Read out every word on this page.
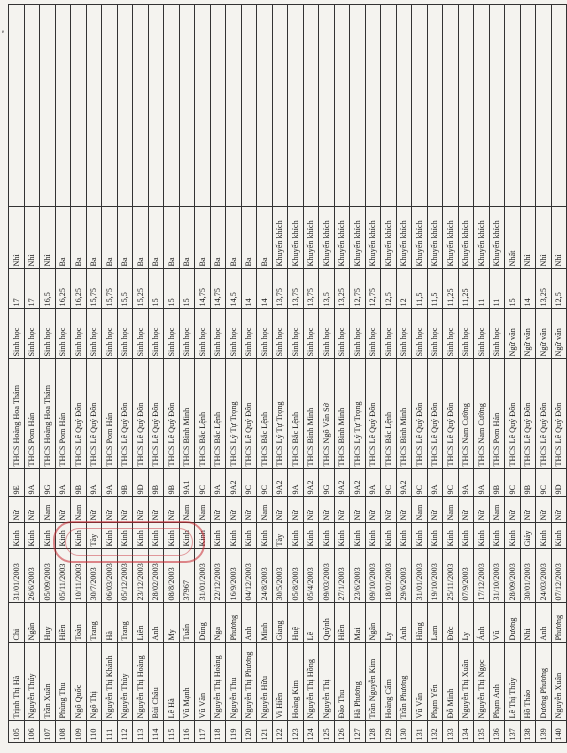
ᵉ
105	Trịnh Thị Hà	Chi	31/01/2003	Kinh	Nữ	9E	THCS Hoàng Hoa Thám	Sinh học	17	Nhì	
106	Nguyễn Thúy	Ngân	26/6/2003	Kinh	Nữ	9A	THCS Pom Hán	Sinh học	17	Nhì	
107	Trần Xuân	Huy	05/09/2003	Kinh	Nam	9G	THCS Hoàng Hoa Thám	Sinh học	16,5	Nhì	
108	Phùng Thu	Hiền	05/11/2003	Kinh	Nữ	9A	THCS Pom Hán	Sinh học	16,25	Ba	
109	Ngô Quốc	Toàn	10/11/2003	Kinh	Nam	9B	THCS Lê Quý Đôn	Sinh học	16,25	Ba	
110	Ngô Thị	Trang	30/7/2003	Tày	Nữ	9A	THCS Lê Quý Đôn	Sinh học	15,75	Ba	
111	Nguyễn Thị Khánh	Hà	06/03/2003	Kinh	Nữ	9A	THCS Pom Hán	Sinh học	15,75	Ba	
112	Nguyễn Thùy	Trang	05/12/2003	Kinh	Nữ	9B	THCS Lê Quý Đôn	Sinh học	15,5	Ba	
113	Nguyễn Thị Hoàng	Liên	23/12/2003	Kinh	Nữ	9D	THCS Lê Quý Đôn	Sinh học	15,25	Ba	
114	Bùi Châu	Anh	28/02/2003	Kinh	Nữ	9B	THCS Lê Quý Đôn	Sinh học	15	Ba	
115	Lê Hà	My	08/8/2003	Kinh	Nữ	9B	THCS Lê Quý Đôn	Sinh học	15	Ba	
116	Vũ Mạnh	Tuấn	37967	Kinh	Nam	9A1	THCS Bình Minh	Sinh học	15	Ba	
117	Vũ Văn	Dũng	31/01/2003	Kinh	Nam	9C	THCS Bắc Lệnh	Sinh học	14,75	Ba	
118	Nguyễn Thị Hoàng	Nga	22/12/2003	Kinh	Nữ	9A	THCS Bắc Lệnh	Sinh học	14,75	Ba	
119	Nguyễn Thu	Phương	16/9/2003	Kinh	Nữ	9A2	THCS Lý Tự Trọng	Sinh học	14,5	Ba	
120	Nguyễn Thị Phương	Anh	04/12/2003	Kinh	Nữ	9C	THCS Lê Quý Đôn	Sinh học	14	Ba	
121	Nguyễn Hữu	Minh	24/8/2003	Kinh	Nam	9C	THCS Bắc Lệnh	Sinh học	14	Ba	
122	Vi Hiền	Giang	30/5/2003	Tày	Nữ	9A2	THCS Lý Tự Trọng	Sinh học	13,75	Khuyến khích	
123	Hoàng Kim	Huệ	05/8/2003	Kinh	Nữ	9A	THCS Bắc Lệnh	Sinh học	13,75	Khuyến khích	
124	Nguyễn Thị Hồng	Lê	05/4/2003	Kinh	Nữ	9A2	THCS Bình Minh	Sinh học	13,75	Khuyến khích	
125	Nguyễn Thị	Quỳnh	09/03/2003	Kinh	Nữ	9G	THCS Ngô Văn Sở	Sinh học	13,5	Khuyến khích	
126	Đào Thu	Hiền	27/1/2003	Kinh	Nữ	9A2	THCS Bình Minh	Sinh học	13,25	Khuyến khích	
127	Hà Phương	Mai	23/6/2003	Kinh	Nữ	9A2	THCS Lý Tự Trọng	Sinh học	12,75	Khuyến khích	
128	Trần Nguyễn Kim	Ngân	09/10/2003	Kinh	Nữ	9A	THCS Lê Quý Đôn	Sinh học	12,75	Khuyến khích	
129	Hoàng Cẩm	Ly	18/01/2003	Kinh	Nữ	9C	THCS Bắc Lệnh	Sinh học	12,5	Khuyến khích	
130	Trần Phương	Anh	29/6/2003	Kinh	Nữ	9A2	THCS Bình Minh	Sinh học	12	Khuyến khích	
131	Vũ Văn	Hùng	31/01/2003	Kinh	Nam	9C	THCS Lê Quý Đôn	Sinh học	11,5	Khuyến khích	
132	Phạm Yến	Lam	19/10/2003	Kinh	Nữ	9A	THCS Lê Quý Đôn	Sinh học	11,5	Khuyến khích	
133	Đỗ Minh	Đức	25/11/2003	Kinh	Nam	9C	THCS Lê Quý Đôn	Sinh học	11,25	Khuyến khích	
134	Nguyễn Thị Xuân	Ly	07/9/2003	Kinh	Nữ	9A	THCS Nam Cường	Sinh học	11,25	Khuyến khích	
135	Nguyễn Thị Ngọc	Ánh	17/12/2003	Kinh	Nữ	9A	THCS Nam Cường	Sinh học	11	Khuyến khích	
136	Phạm Anh	Vũ	31/10/2003	Kinh	Nam	9B	THCS Pom Hán	Sinh học	11	Khuyến khích	
137	Lê Thị Thùy	Dương	28/09/2003	Kinh	Nữ	9C	THCS Lê Quý Đôn	Ngữ văn	15	Nhất	
138	Hồ Thảo	Nhi	30/01/2003	Giáy	Nữ	9B	THCS Lê Quý Đôn	Ngữ văn	14	Nhì	
139	Dương Phương	Anh	24/03/2003	Kinh	Nữ	9C	THCS Lê Quý Đôn	Ngữ văn	13,25	Nhì	
140	Nguyễn Xuân	Phương	07/12/2003	Kinh	Nữ	9D	THCS Lê Quý Đôn	Ngữ văn	12,5	Nhì	
